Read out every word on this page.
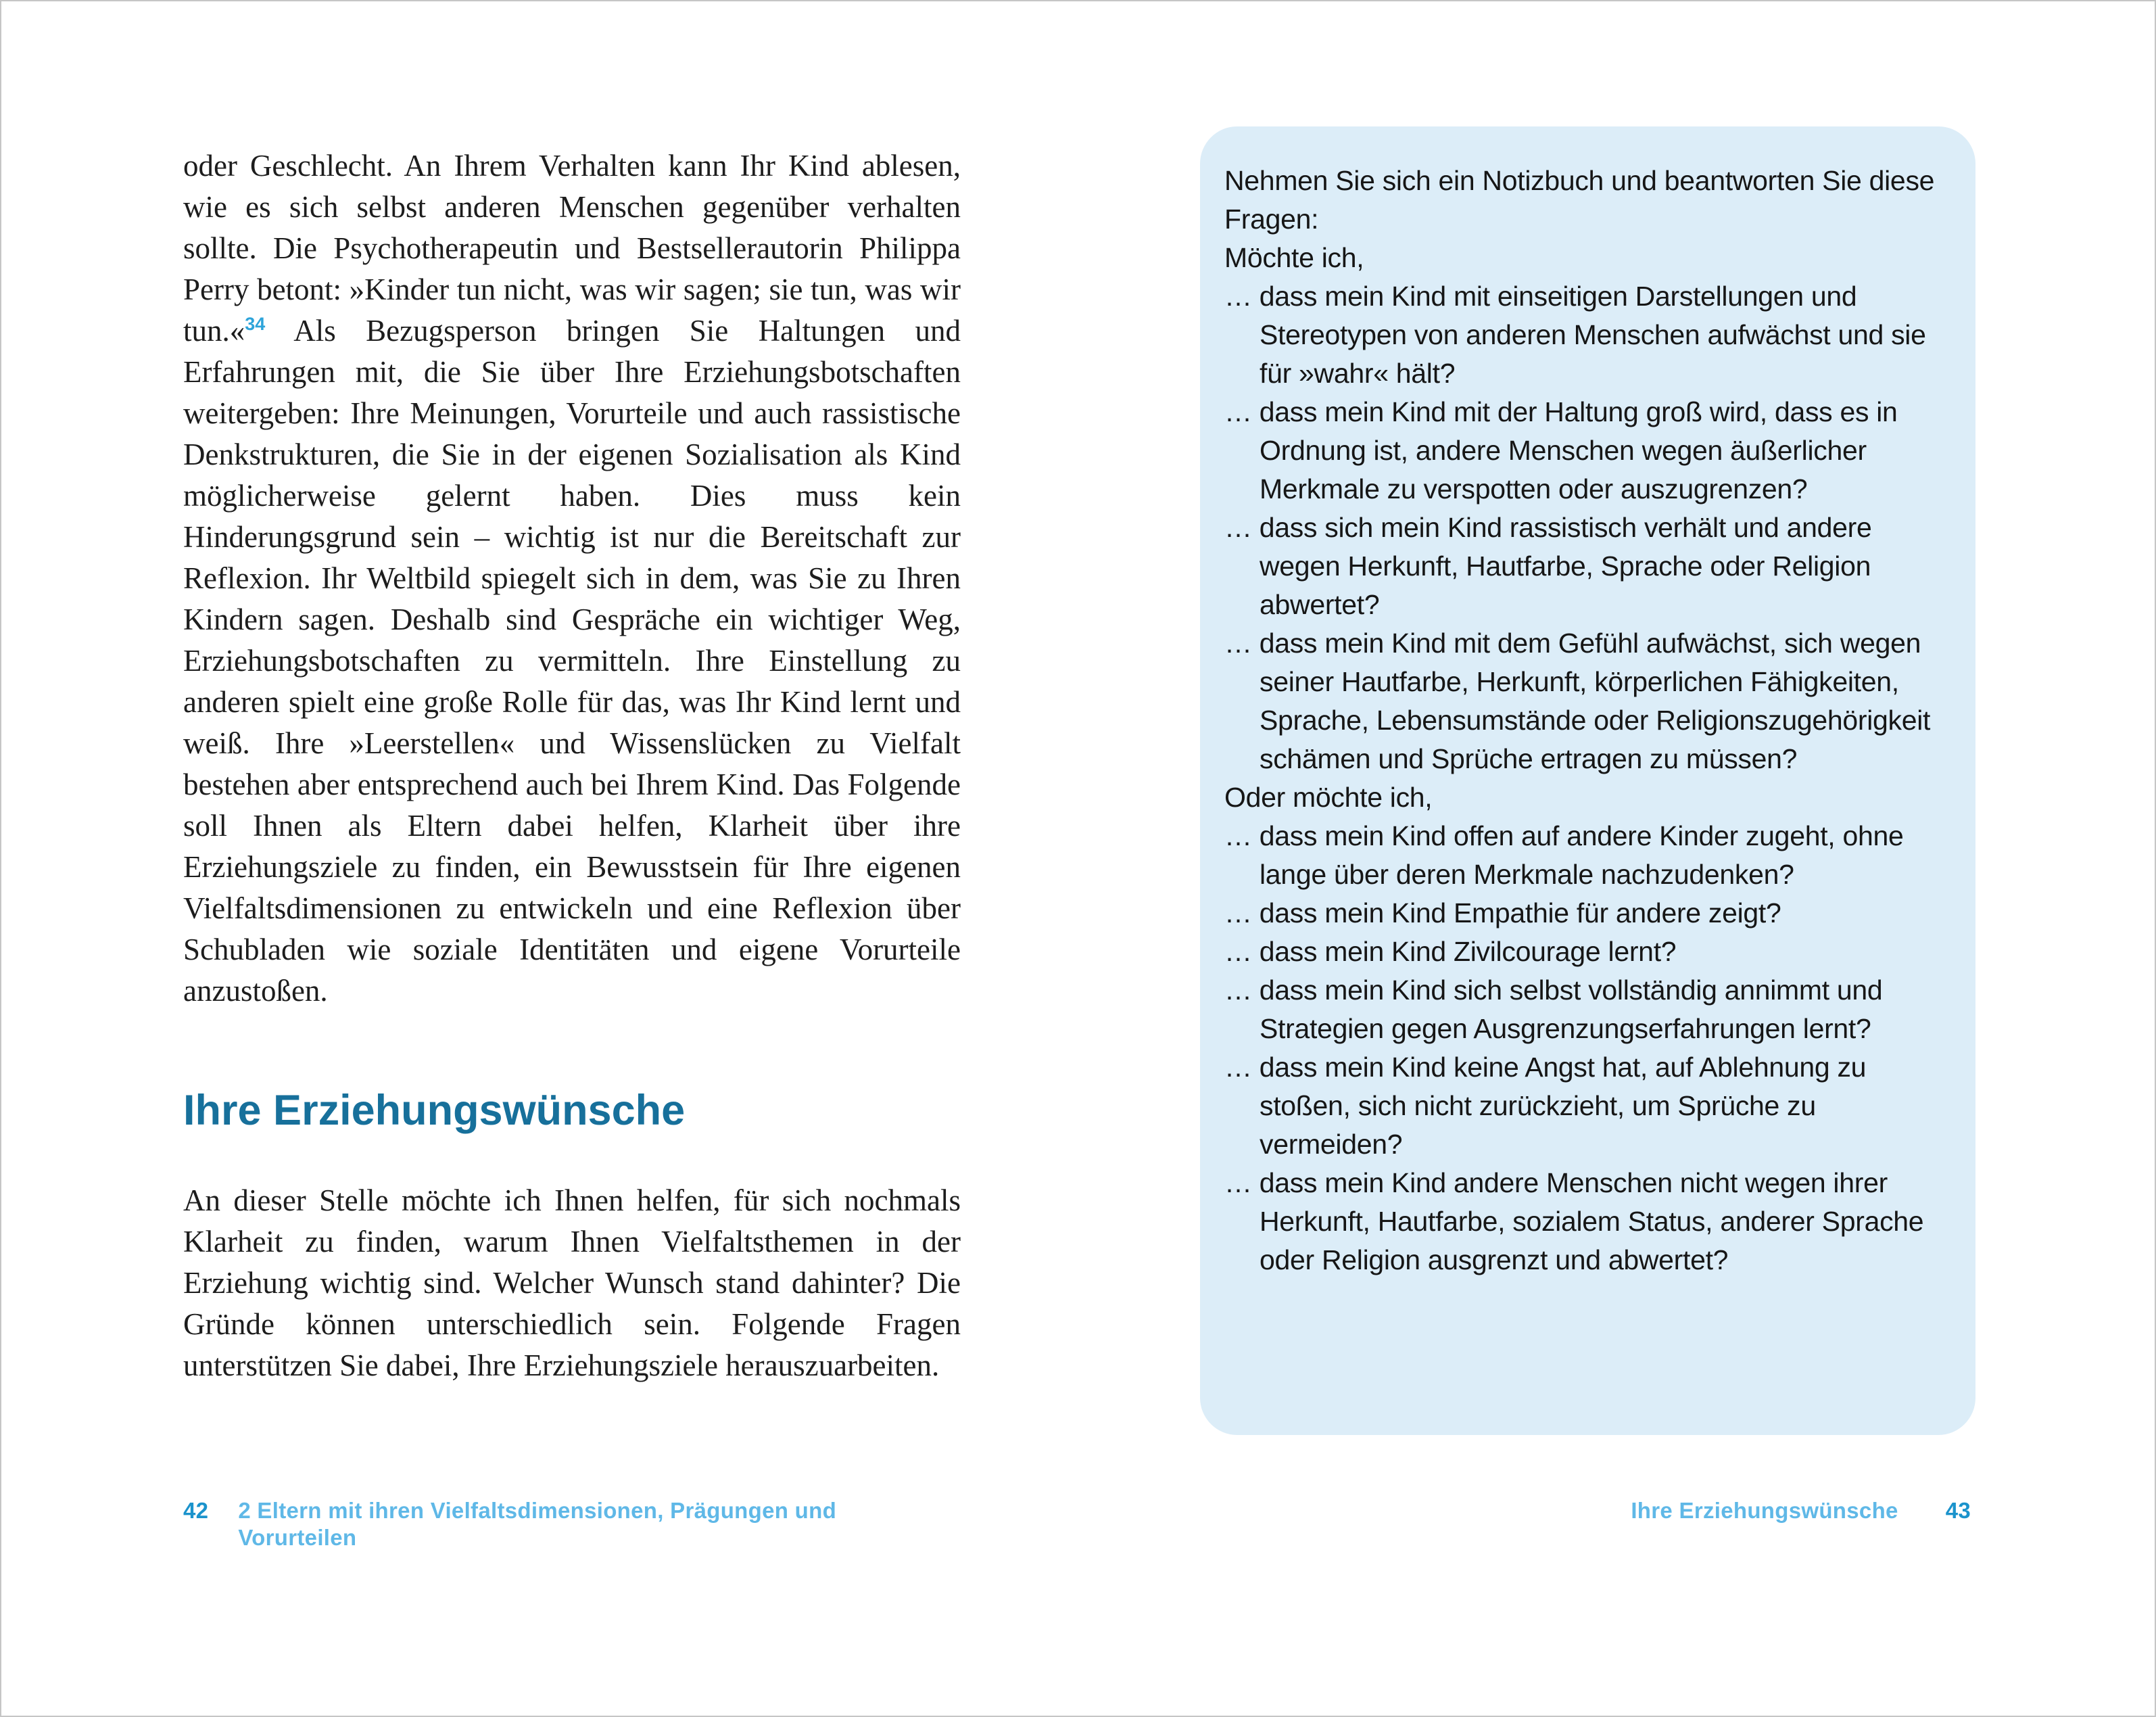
oder Geschlecht. An Ihrem Verhalten kann Ihr Kind ablesen, wie es sich selbst anderen Menschen gegenüber verhalten sollte. Die Psychotherapeutin und Bestsellerautorin Philippa Perry betont: »Kinder tun nicht, was wir sagen; sie tun, was wir tun.«$^{34}$ Als Bezugsperson bringen Sie Haltungen und Erfahrungen mit, die Sie über Ihre Erziehungsbotschaften weitergeben: Ihre Meinungen, Vorurteile und auch rassistische Denkstrukturen, die Sie in der eigenen Sozialisation als Kind möglicherweise gelernt haben. Dies muss kein Hinderungsgrund sein – wichtig ist nur die Bereitschaft zur Reflexion. Ihr Weltbild spiegelt sich in dem, was Sie zu Ihren Kindern sagen. Deshalb sind Gespräche ein wichtiger Weg, Erziehungsbotschaften zu vermitteln. Ihre Einstellung zu anderen spielt eine große Rolle für das, was Ihr Kind lernt und weiß. Ihre »Leerstellen« und Wissenslücken zu Vielfalt bestehen aber entsprechend auch bei Ihrem Kind. Das Folgende soll Ihnen als Eltern dabei helfen, Klarheit über ihre Erziehungsziele zu finden, ein Bewusstsein für Ihre eigenen Vielfaltsdimensionen zu entwickeln und eine Reflexion über Schubladen wie soziale Identitäten und eigene Vorurteile anzustoßen.

Ihre Erziehungswünsche

An dieser Stelle möchte ich Ihnen helfen, für sich nochmals Klarheit zu finden, warum Ihnen Vielfaltsthemen in der Erziehung wichtig sind. Welcher Wunsch stand dahinter? Die Gründe können unterschiedlich sein. Folgende Fragen unterstützen Sie dabei, Ihre Erziehungsziele herauszuarbeiten.

42 2 Eltern mit ihren Vielfaltsdimensionen, Prägungen und Vorurteilen

Nehmen Sie sich ein Notizbuch und beantworten Sie diese Fragen:

Möchte ich,

… dass mein Kind mit einseitigen Darstellungen und Stereotypen von anderen Menschen aufwächst und sie für »wahr« hält?

… dass mein Kind mit der Haltung groß wird, dass es in Ordnung ist, andere Menschen wegen äußerlicher Merkmale zu verspotten oder auszugrenzen?

… dass sich mein Kind rassistisch verhält und andere wegen Herkunft, Hautfarbe, Sprache oder Religion abwertet?

… dass mein Kind mit dem Gefühl aufwächst, sich wegen seiner Hautfarbe, Herkunft, körperlichen Fähigkeiten, Sprache, Lebensumstände oder Religionszugehörigkeit schämen und Sprüche ertragen zu müssen?

Oder möchte ich,

… dass mein Kind offen auf andere Kinder zugeht, ohne lange über deren Merkmale nachzudenken?

… dass mein Kind Empathie für andere zeigt?

… dass mein Kind Zivilcourage lernt?

… dass mein Kind sich selbst vollständig annimmt und Strategien gegen Ausgrenzungserfahrungen lernt?

… dass mein Kind keine Angst hat, auf Ablehnung zu stoßen, sich nicht zurückzieht, um Sprüche zu vermeiden?

… dass mein Kind andere Menschen nicht wegen ihrer Herkunft, Hautfarbe, sozialem Status, anderer Sprache oder Religion ausgrenzt und abwertet?

Ihre Erziehungswünsche 43
